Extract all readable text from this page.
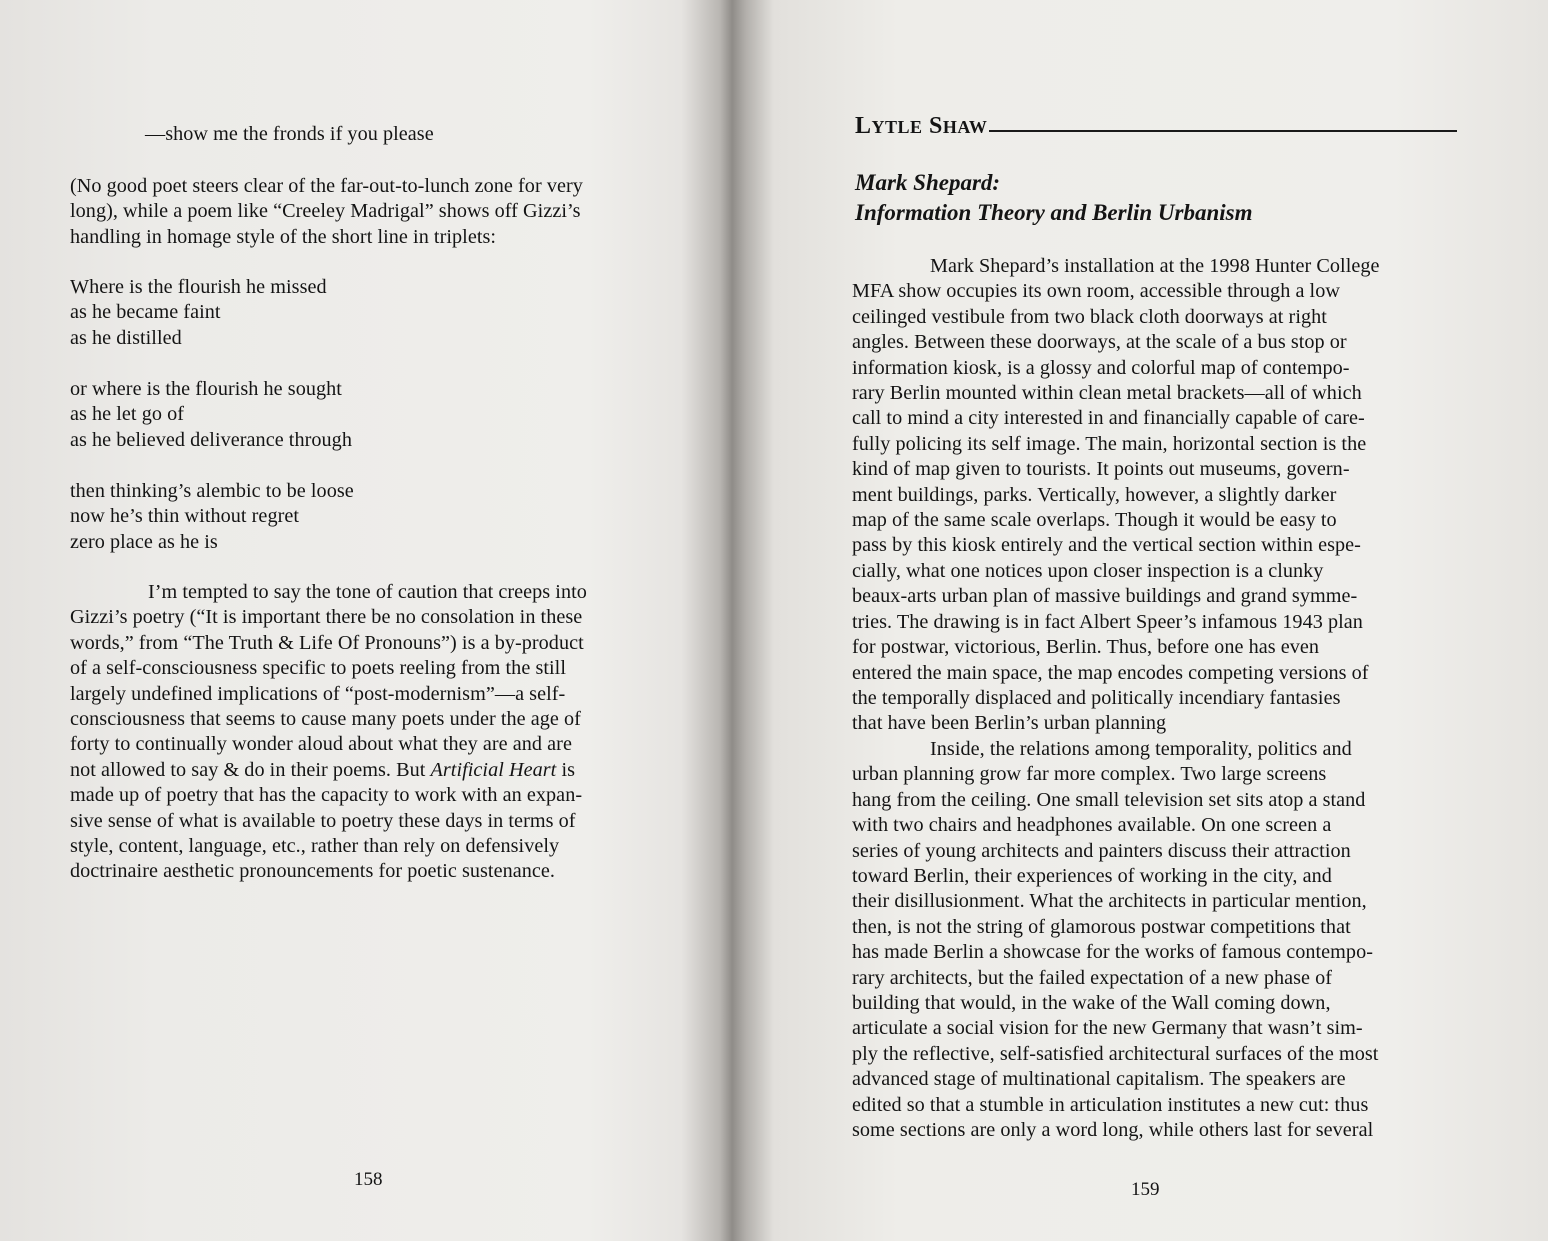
—show me the fronds if you please
(No good poet steers clear of the far-out-to-lunch zone for very
long), while a poem like “Creeley Madrigal” shows off Gizzi’s
handling in homage style of the short line in triplets:
Where is the flourish he missed
as he became faint
as he distilled
or where is the flourish he sought
as he let go of
as he believed deliverance through
then thinking’s alembic to be loose
now he’s thin without regret
zero place as he is
I’m tempted to say the tone of caution that creeps into
Gizzi’s poetry (“It is important there be no consolation in these
words,” from “The Truth & Life Of Pronouns”) is a by-product
of a self-consciousness specific to poets reeling from the still
largely undefined implications of “post-modernism”—a self-
consciousness that seems to cause many poets under the age of
forty to continually wonder aloud about what they are and are
not allowed to say & do in their poems. But Artificial Heart is
made up of poetry that has the capacity to work with an expan-
sive sense of what is available to poetry these days in terms of
style, content, language, etc., rather than rely on defensively
doctrinaire aesthetic pronouncements for poetic sustenance.
158
LYTLE SHAW
Mark Shepard:
Information Theory and Berlin Urbanism
Mark Shepard’s installation at the 1998 Hunter College
MFA show occupies its own room, accessible through a low
ceilinged vestibule from two black cloth doorways at right
angles. Between these doorways, at the scale of a bus stop or
information kiosk, is a glossy and colorful map of contempo-
rary Berlin mounted within clean metal brackets—all of which
call to mind a city interested in and financially capable of care-
fully policing its self image. The main, horizontal section is the
kind of map given to tourists. It points out museums, govern-
ment buildings, parks. Vertically, however, a slightly darker
map of the same scale overlaps. Though it would be easy to
pass by this kiosk entirely and the vertical section within espe-
cially, what one notices upon closer inspection is a clunky
beaux-arts urban plan of massive buildings and grand symme-
tries. The drawing is in fact Albert Speer’s infamous 1943 plan
for postwar, victorious, Berlin. Thus, before one has even
entered the main space, the map encodes competing versions of
the temporally displaced and politically incendiary fantasies
that have been Berlin’s urban planning
Inside, the relations among temporality, politics and
urban planning grow far more complex. Two large screens
hang from the ceiling. One small television set sits atop a stand
with two chairs and headphones available. On one screen a
series of young architects and painters discuss their attraction
toward Berlin, their experiences of working in the city, and
their disillusionment. What the architects in particular mention,
then, is not the string of glamorous postwar competitions that
has made Berlin a showcase for the works of famous contempo-
rary architects, but the failed expectation of a new phase of
building that would, in the wake of the Wall coming down,
articulate a social vision for the new Germany that wasn’t sim-
ply the reflective, self-satisfied architectural surfaces of the most
advanced stage of multinational capitalism. The speakers are
edited so that a stumble in articulation institutes a new cut: thus
some sections are only a word long, while others last for several
159
